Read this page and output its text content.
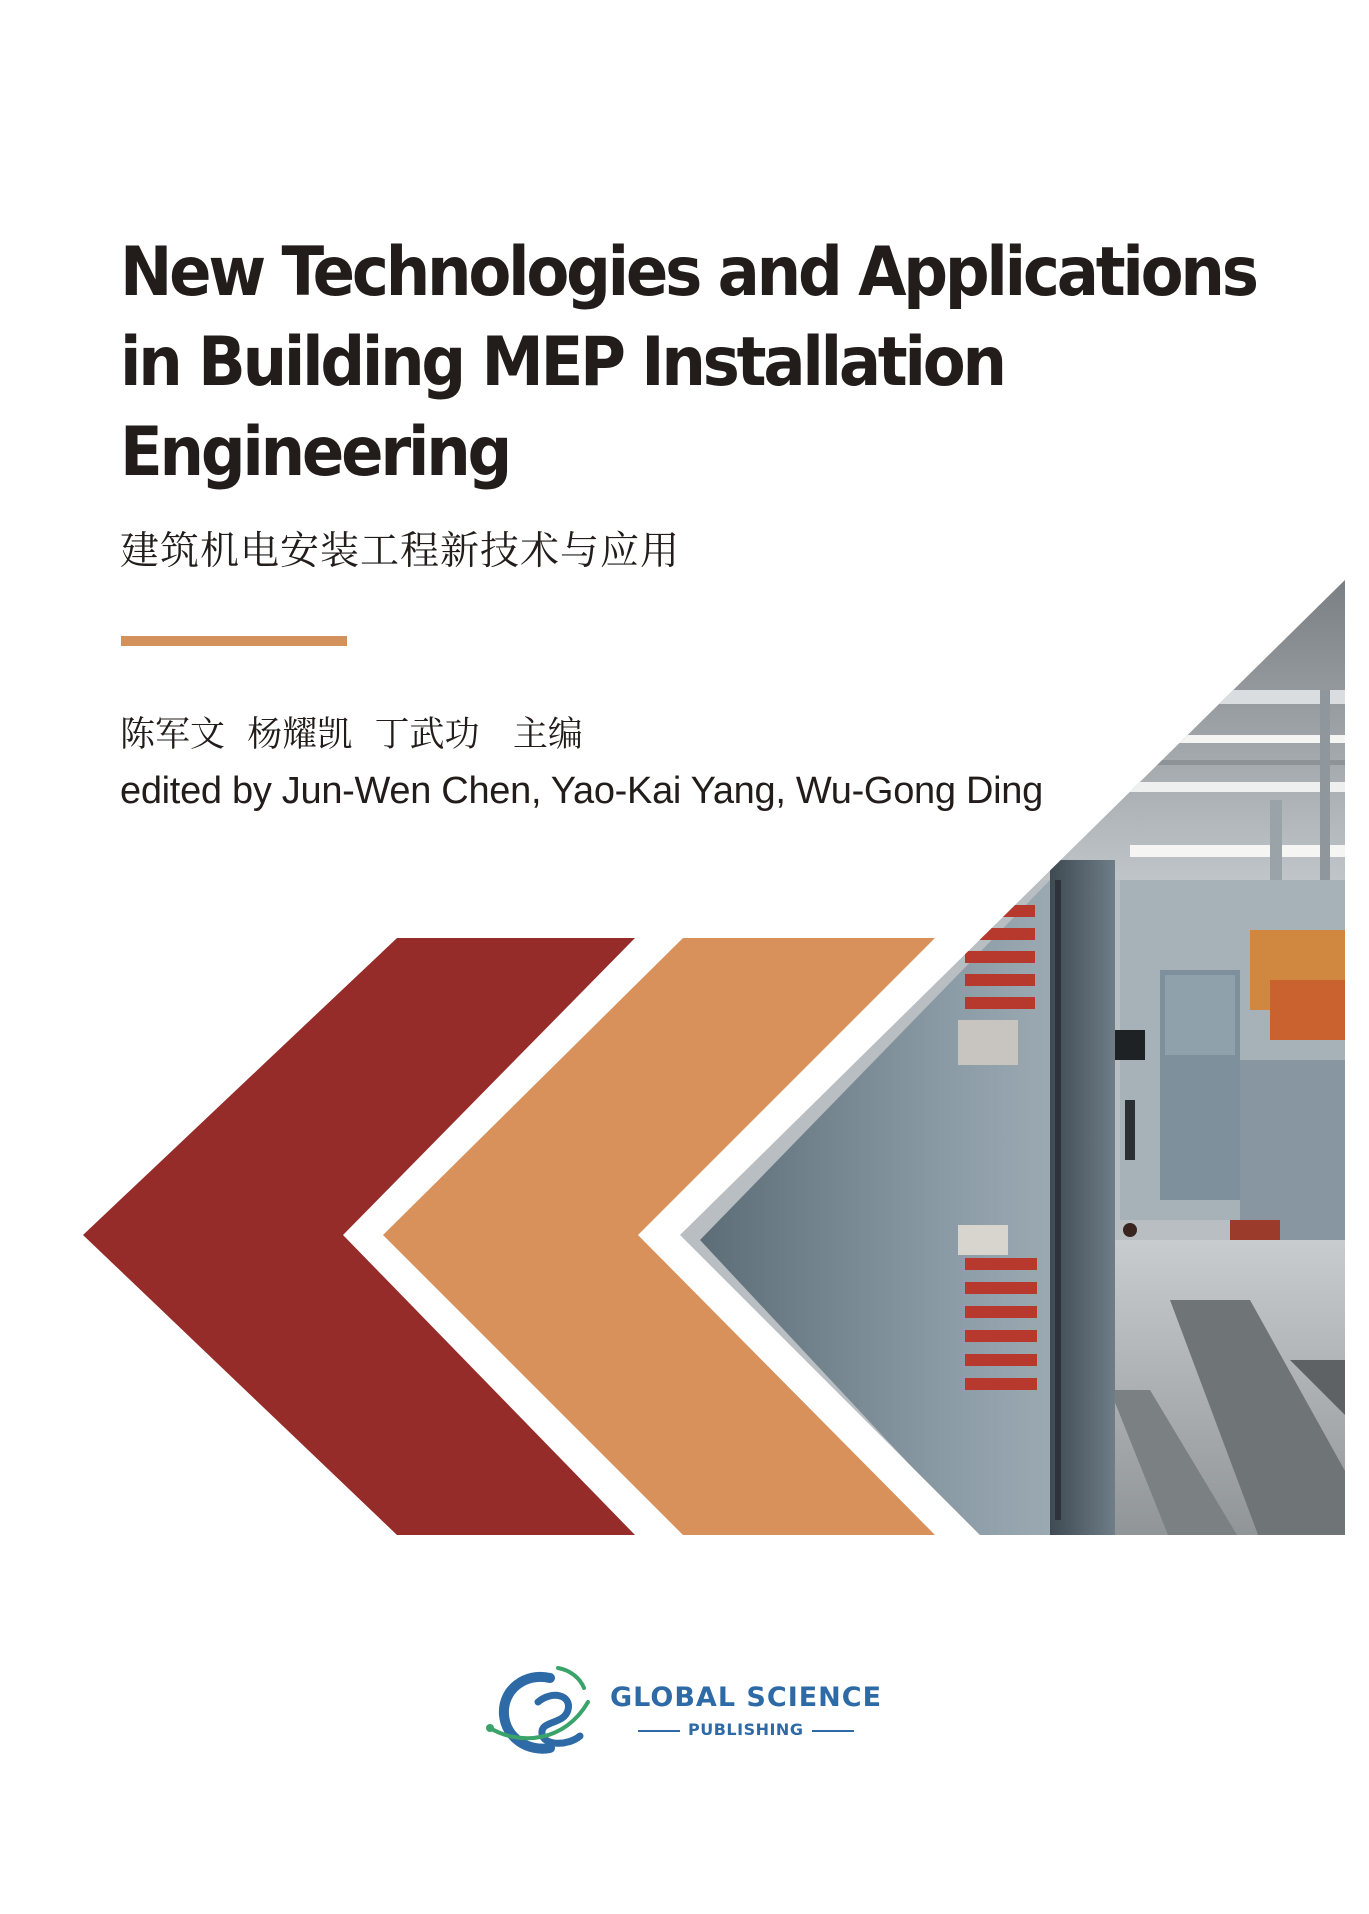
New Technologies and Applications
in Building MEP Installation
Engineering
建筑机电安装工程新技术与应用
陈军文  杨耀凯  丁武功   主编
edited by Jun-Wen Chen, Yao-Kai Yang, Wu-Gong Ding
GLOBAL SCIENCE
PUBLISHING
